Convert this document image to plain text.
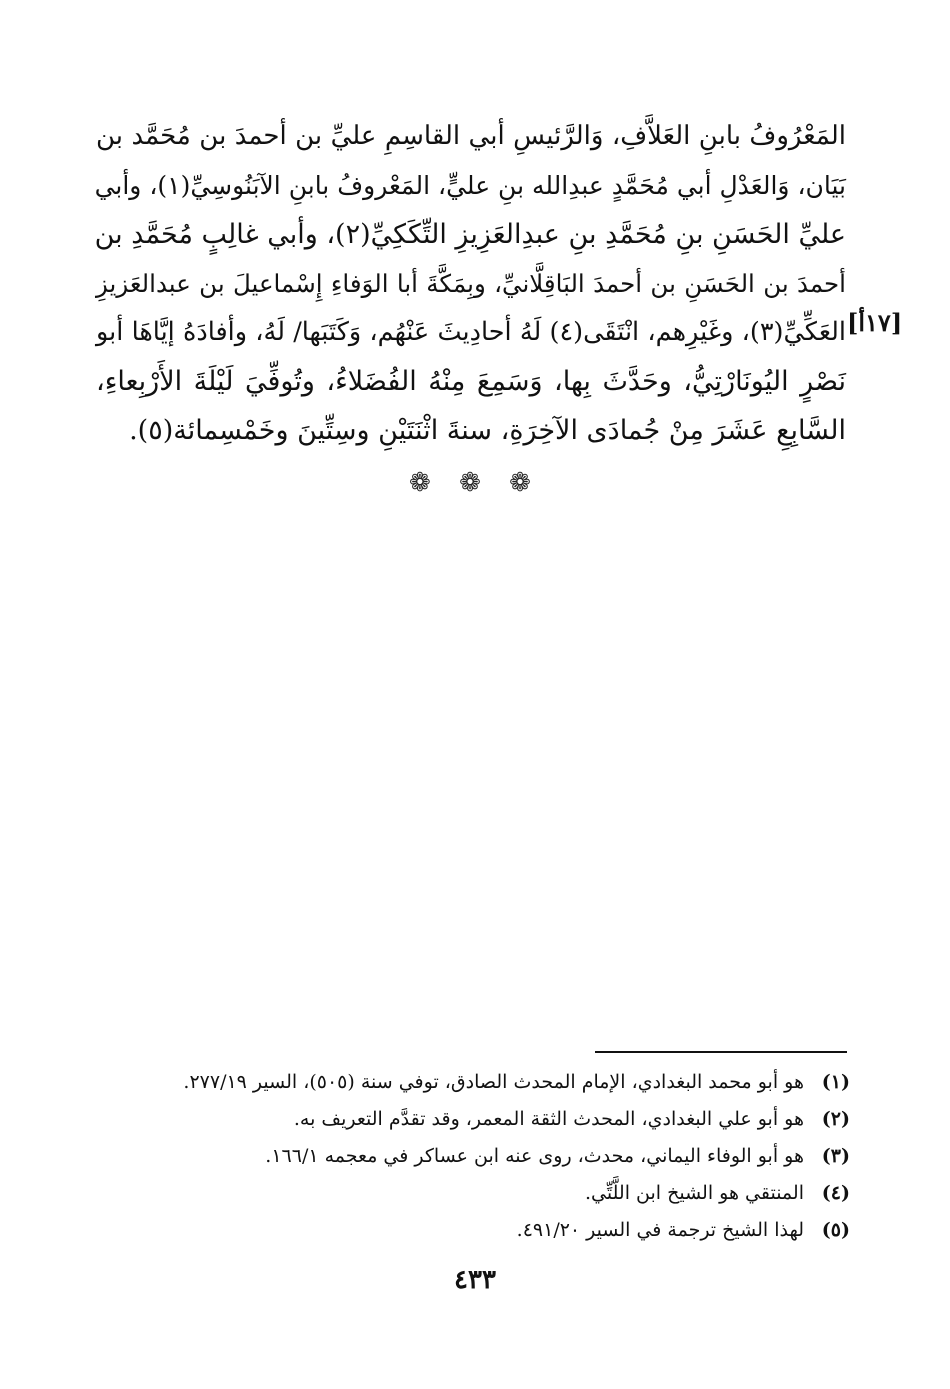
المَعْرُوفُ بابنِ العَلاَّفِ، وَالرَّئيسِ أبي القاسِمِ عليِّ بن أحمدَ بن مُحَمَّد بن
بَيَان، وَالعَدْلِ أبي مُحَمَّدٍ عبدِالله بنِ عليٍّ، المَعْروفُ بابنِ الآبَنُوسِيِّ(١)، وأبي
عليِّ الحَسَنِ بنِ مُحَمَّدِ بنِ عبدِالعَزِيزِ التِّكَكِيِّ(٢)، وأبي غالِبٍ مُحَمَّدِ بن
أحمدَ بن الحَسَنِ بن أحمدَ البَاقِلَّانيِّ، وبِمَكَّةَ أبا الوَفاءِ إِسْماعيلَ بن عبدالعَزيزِ
العَكِّيِّ(٣)، وغَيْرِهم، انْتَقَى(٤) لَهُ أحادِيثَ عَنْهُم، وَكَتَبَها/ لَهُ، وأفادَهُ إيَّاهَا أبو
نَصْرٍ اليُونَارْتِيُّ، وحَدَّثَ بِها، وَسَمِعَ مِنْهُ الفُضَلاءُ، وتُوفِّيَ لَيْلَةَ الأَرْبِعاءِ،
السَّابِعِ عَشَرَ مِنْ جُمادَى الآخِرَةِ، سنةَ اثْنَتَيْنِ وسِتِّينَ وخَمْسِمائة(٥).
[١٧أ]
❁ ❁ ❁
(١)هو أبو محمد البغدادي، الإمام المحدث الصادق، توفي سنة (٥٠٥)، السير ٢٧٧/١٩.
(٢)هو أبو علي البغدادي، المحدث الثقة المعمر، وقد تقدَّم التعريف به.
(٣)هو أبو الوفاء اليماني، محدث، روى عنه ابن عساكر في معجمه ١٦٦/١.
(٤)المنتقي هو الشيخ ابن اللَّتِّي.
(٥)لهذا الشيخ ترجمة في السير ٤٩١/٢٠.
٤٣٣
